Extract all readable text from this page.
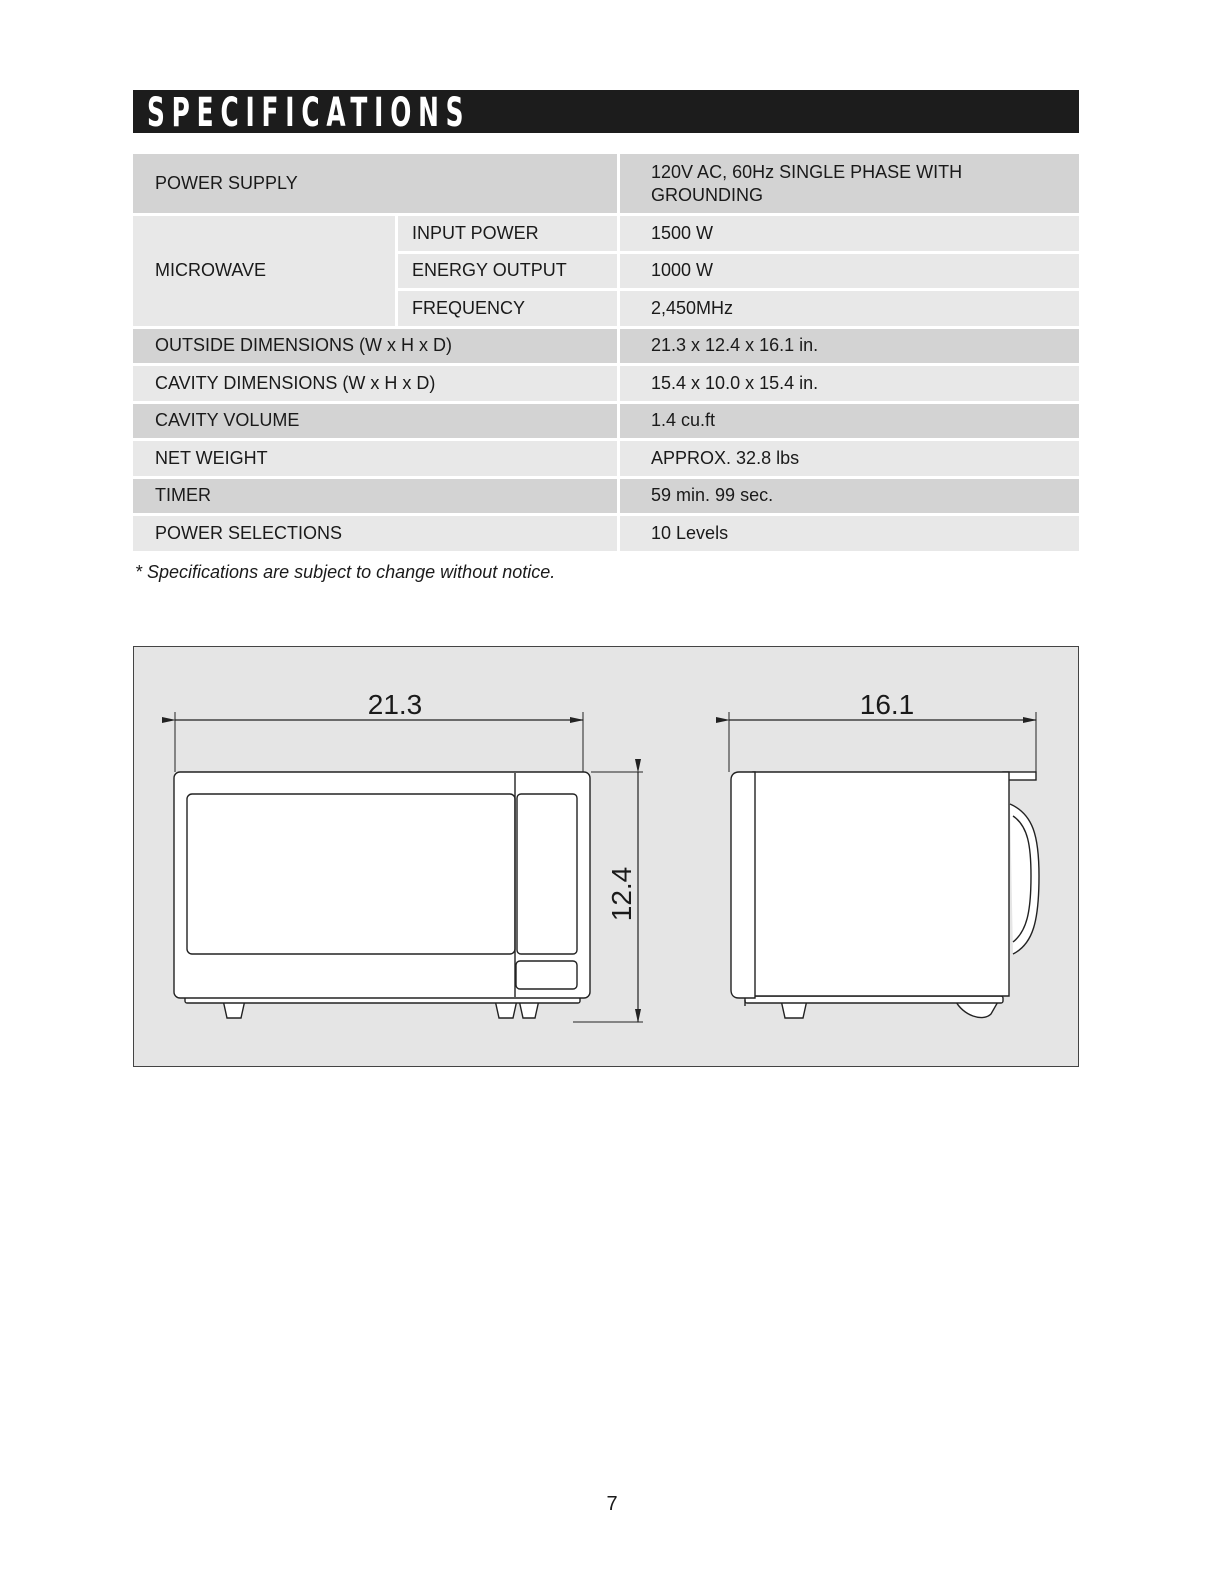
SPECIFICATIONS
POWER SUPPLY		120V AC, 60Hz SINGLE PHASE WITH GROUNDING
MICROWAVE	INPUT POWER	1500 W
	ENERGY OUTPUT	1000 W
	FREQUENCY	2,450MHz
OUTSIDE DIMENSIONS (W x H x D)		21.3 x 12.4 x 16.1 in.
CAVITY DIMENSIONS (W x H x D)		15.4 x 10.0 x 15.4 in.
CAVITY VOLUME		1.4 cu.ft
NET WEIGHT		APPROX. 32.8 lbs
TIMER		59 min. 99 sec.
POWER SELECTIONS		10 Levels
* Specifications are subject to change without notice.
21.3	16.1
12.4
7
